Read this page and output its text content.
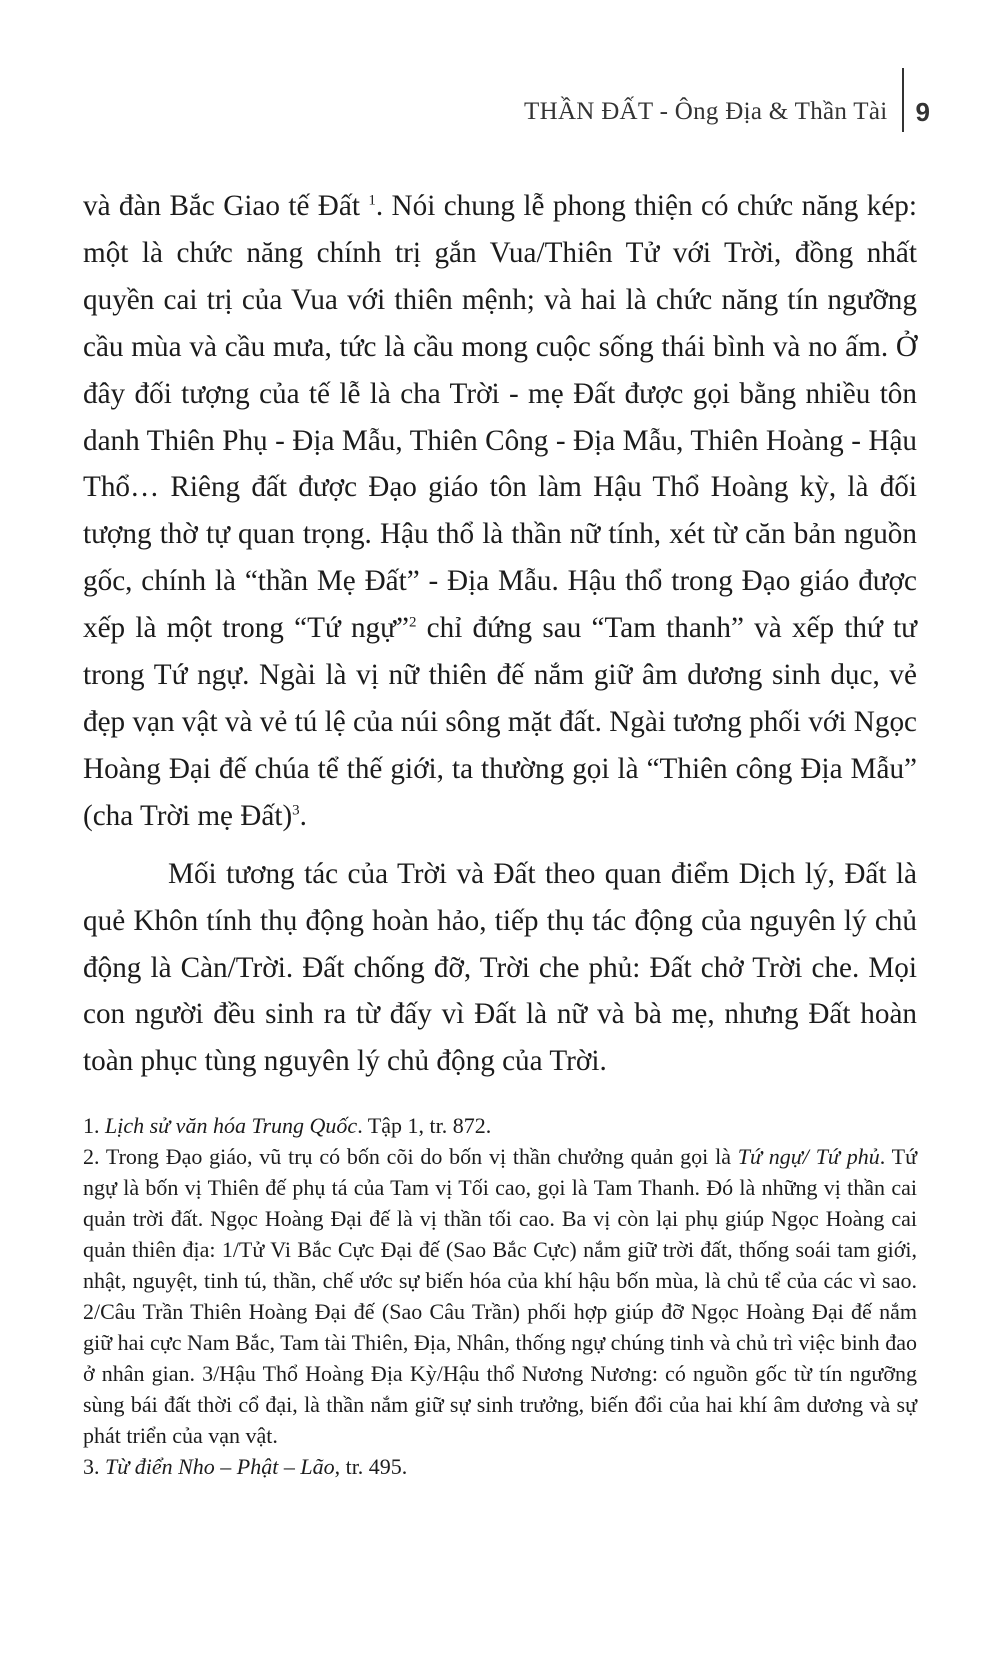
THẦN ĐẤT - Ông Địa & Thần Tài 9

và đàn Bắc Giao tế Đất $^1$. Nói chung lễ phong thiện có chức năng kép: một là chức năng chính trị gắn Vua/Thiên Tử với Trời, đồng nhất quyền cai trị của Vua với thiên mệnh; và hai là chức năng tín ngưỡng cầu mùa và cầu mưa, tức là cầu mong cuộc sống thái bình và no ấm. Ở đây đối tượng của tế lễ là cha Trời - mẹ Đất được gọi bằng nhiều tôn danh Thiên Phụ - Địa Mẫu, Thiên Công - Địa Mẫu, Thiên Hoàng - Hậu Thổ… Riêng đất được Đạo giáo tôn làm Hậu Thổ Hoàng kỳ, là đối tượng thờ tự quan trọng. Hậu thổ là thần nữ tính, xét từ căn bản nguồn gốc, chính là “thần Mẹ Đất” - Địa Mẫu. Hậu thổ trong Đạo giáo được xếp là một trong “Tứ ngự”$^2$ chỉ đứng sau “Tam thanh” và xếp thứ tư trong Tứ ngự. Ngài là vị nữ thiên đế nắm giữ âm dương sinh dục, vẻ đẹp vạn vật và vẻ tú lệ của núi sông mặt đất. Ngài tương phối với Ngọc Hoàng Đại đế chúa tể thế giới, ta thường gọi là “Thiên công Địa Mẫu” (cha Trời mẹ Đất)$^3$.

Mối tương tác của Trời và Đất theo quan điểm Dịch lý, Đất là quẻ Khôn tính thụ động hoàn hảo, tiếp thụ tác động của nguyên lý chủ động là Càn/Trời. Đất chống đỡ, Trời che phủ: Đất chở Trời che. Mọi con người đều sinh ra từ đấy vì Đất là nữ và bà mẹ, nhưng Đất hoàn toàn phục tùng nguyên lý chủ động của Trời.

1. Lịch sử văn hóa Trung Quốc. Tập 1, tr. 872.

2. Trong Đạo giáo, vũ trụ có bốn cõi do bốn vị thần chưởng quản gọi là Tứ ngự/ Tứ phủ. Tứ ngự là bốn vị Thiên đế phụ tá của Tam vị Tối cao, gọi là Tam Thanh. Đó là những vị thần cai quản trời đất. Ngọc Hoàng Đại đế là vị thần tối cao. Ba vị còn lại phụ giúp Ngọc Hoàng cai quản thiên địa: 1/Tử Vi Bắc Cực Đại đế (Sao Bắc Cực) nắm giữ trời đất, thống soái tam giới, nhật, nguyệt, tinh tú, thần, chế ước sự biến hóa của khí hậu bốn mùa, là chủ tể của các vì sao. 2/Câu Trần Thiên Hoàng Đại đế (Sao Câu Trần) phối hợp giúp đỡ Ngọc Hoàng Đại đế nắm giữ hai cực Nam Bắc, Tam tài Thiên, Địa, Nhân, thống ngự chúng tinh và chủ trì việc binh đao ở nhân gian. 3/Hậu Thổ Hoàng Địa Kỳ/Hậu thổ Nương Nương: có nguồn gốc từ tín ngưỡng sùng bái đất thời cổ đại, là thần nắm giữ sự sinh trưởng, biến đổi của hai khí âm dương và sự phát triển của vạn vật.

3. Từ điển Nho – Phật – Lão, tr. 495.
